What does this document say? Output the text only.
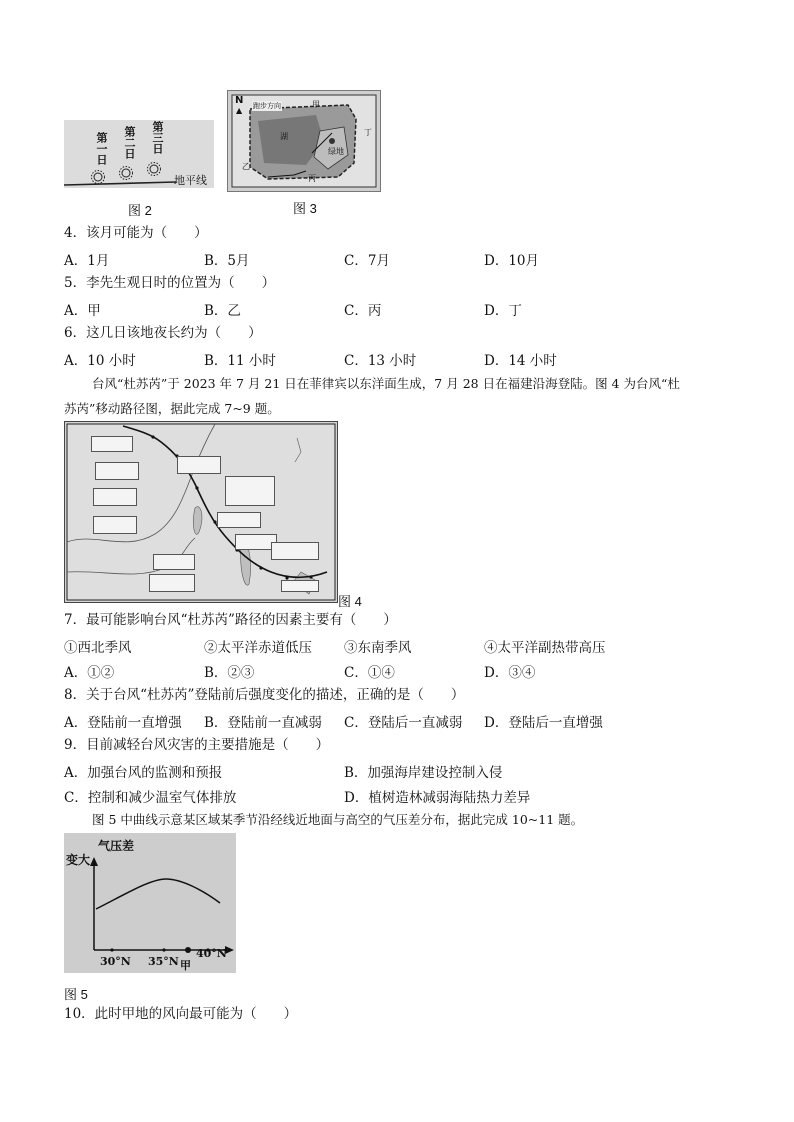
第一日 第二日 第三日
地平线
图 2
N
▲ 跑步方向
湖
绿地
甲
乙
丙
丁
图 3
4．该月可能为（　　）
A．1月	B．5月	C．7月	D．10月
5．李先生观日时的位置为（　　）
A．甲	B．乙	C．丙	D．丁
6．这几日该地夜长约为（　　）
A．10 小时	B．11 小时	C．13 小时	D．14 小时
台风“杜苏芮”于 2023 年 7 月 21 日在菲律宾以东洋面生成，7 月 28 日在福建沿海登陆。图 4 为台风“杜
苏芮”移动路径图，据此完成 7~9 题。
图 4
7．最可能影响台风“杜苏芮”路径的因素主要有（　　）
①西北季风	②太平洋赤道低压 ③东南季风	④太平洋副热带高压
A．①②	B．②③	C．①④	D．③④
8．关于台风“杜苏芮”登陆前后强度变化的描述，正确的是（　　）
A．登陆前一直增强 B．登陆前一直减弱 C．登陆后一直减弱 D．登陆后一直增强
9．目前减轻台风灾害的主要措施是（　　）
A．加强台风的监测和预报	B．加强海岸建设控制入侵
C．控制和减少温室气体排放	D．植树造林减弱海陆热力差异
图 5 中曲线示意某区域某季节沿经线近地面与高空的气压差分布，据此完成 10~11 题。
气压差
变大
30°N 35°N 甲
40°N
图 5
10．此时甲地的风向最可能为（　　）
